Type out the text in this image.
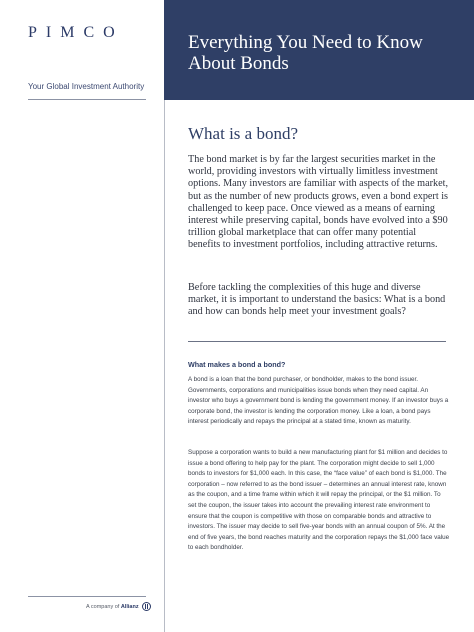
PIMCO
Your Global Investment Authority
A company of Allianz
Everything You Need to Know About Bonds
What is a bond?

The bond market is by far the largest securities market in the world, providing investors with virtually limitless investment options. Many investors are familiar with aspects of the market, but as the number of new products grows, even a bond expert is challenged to keep pace. Once viewed as a means of earning interest while preserving capital, bonds have evolved into a $90 trillion global marketplace that can offer many potential benefits to investment portfolios, including attractive returns.

Before tackling the complexities of this huge and diverse market, it is important to understand the basics: What is a bond and how can bonds help meet your investment goals?

What makes a bond a bond?

A bond is a loan that the bond purchaser, or bondholder, makes to the bond issuer. Governments, corporations and municipalities issue bonds when they need capital. An investor who buys a government bond is lending the government money. If an investor buys a corporate bond, the investor is lending the corporation money. Like a loan, a bond pays interest periodically and repays the principal at a stated time, known as maturity.

Suppose a corporation wants to build a new manufacturing plant for $1 million and decides to issue a bond offering to help pay for the plant. The corporation might decide to sell 1,000 bonds to investors for $1,000 each. In this case, the “face value” of each bond is $1,000. The corporation – now referred to as the bond issuer – determines an annual interest rate, known as the coupon, and a time frame within which it will repay the principal, or the $1 million. To set the coupon, the issuer takes into account the prevailing interest rate environment to ensure that the coupon is competitive with those on comparable bonds and attractive to investors. The issuer may decide to sell five-year bonds with an annual coupon of 5%. At the end of five years, the bond reaches maturity and the corporation repays the $1,000 face value to each bondholder.
